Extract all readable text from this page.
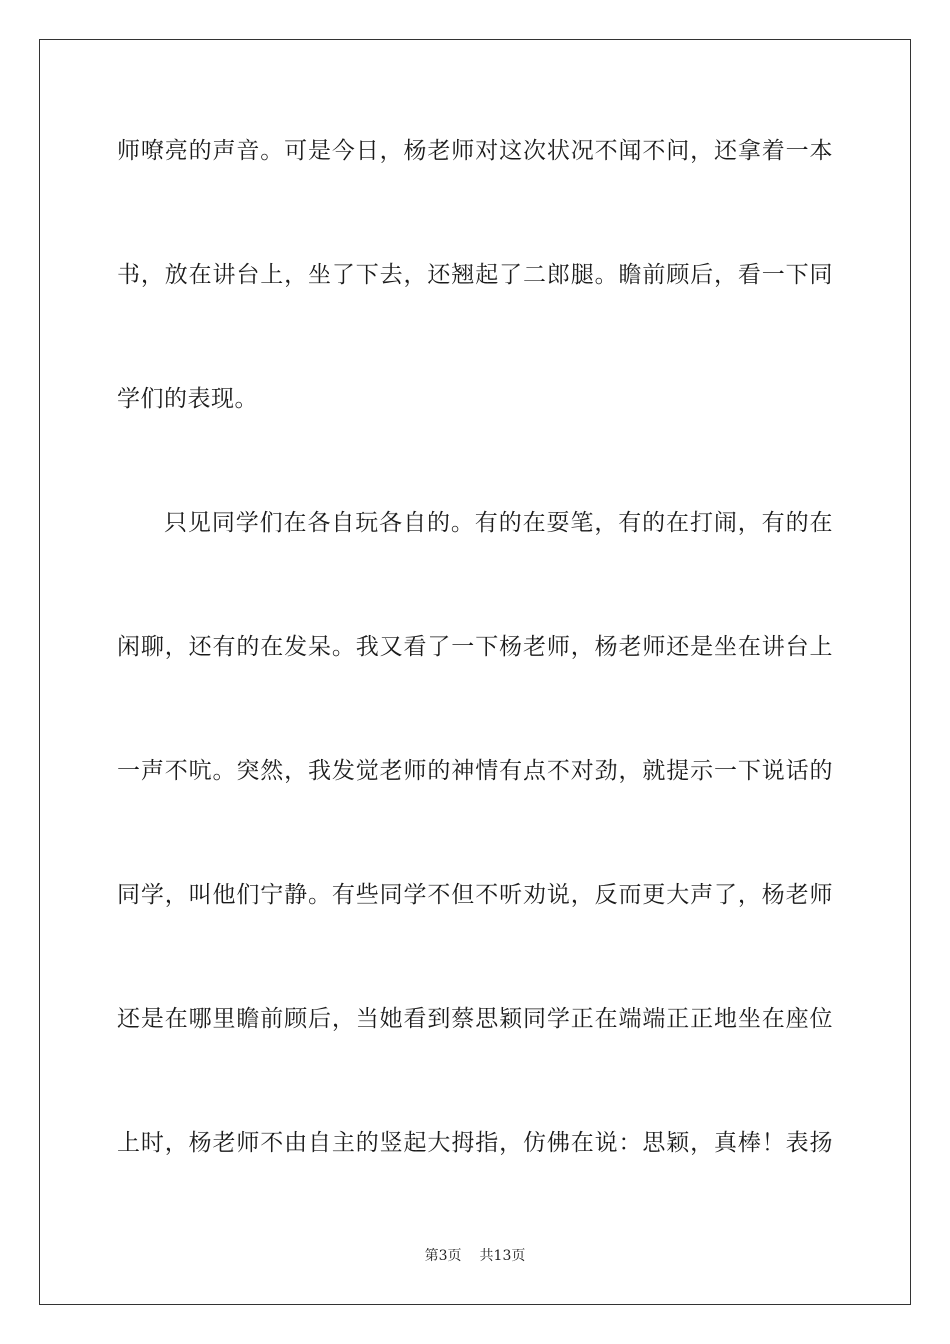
师嘹亮的声音。可是今日，杨老师对这次状况不闻不问，还拿着一本
书，放在讲台上，坐了下去，还翘起了二郎腿。瞻前顾后，看一下同
学们的表现。
只见同学们在各自玩各自的。有的在耍笔，有的在打闹，有的在
闲聊，还有的在发呆。我又看了一下杨老师，杨老师还是坐在讲台上
一声不吭。突然，我发觉老师的神情有点不对劲，就提示一下说话的
同学，叫他们宁静。有些同学不但不听劝说，反而更大声了，杨老师
还是在哪里瞻前顾后，当她看到蔡思颖同学正在端端正正地坐在座位
上时，杨老师不由自主的竖起大拇指，仿佛在说：思颖，真棒！表扬
第3页 共13页
